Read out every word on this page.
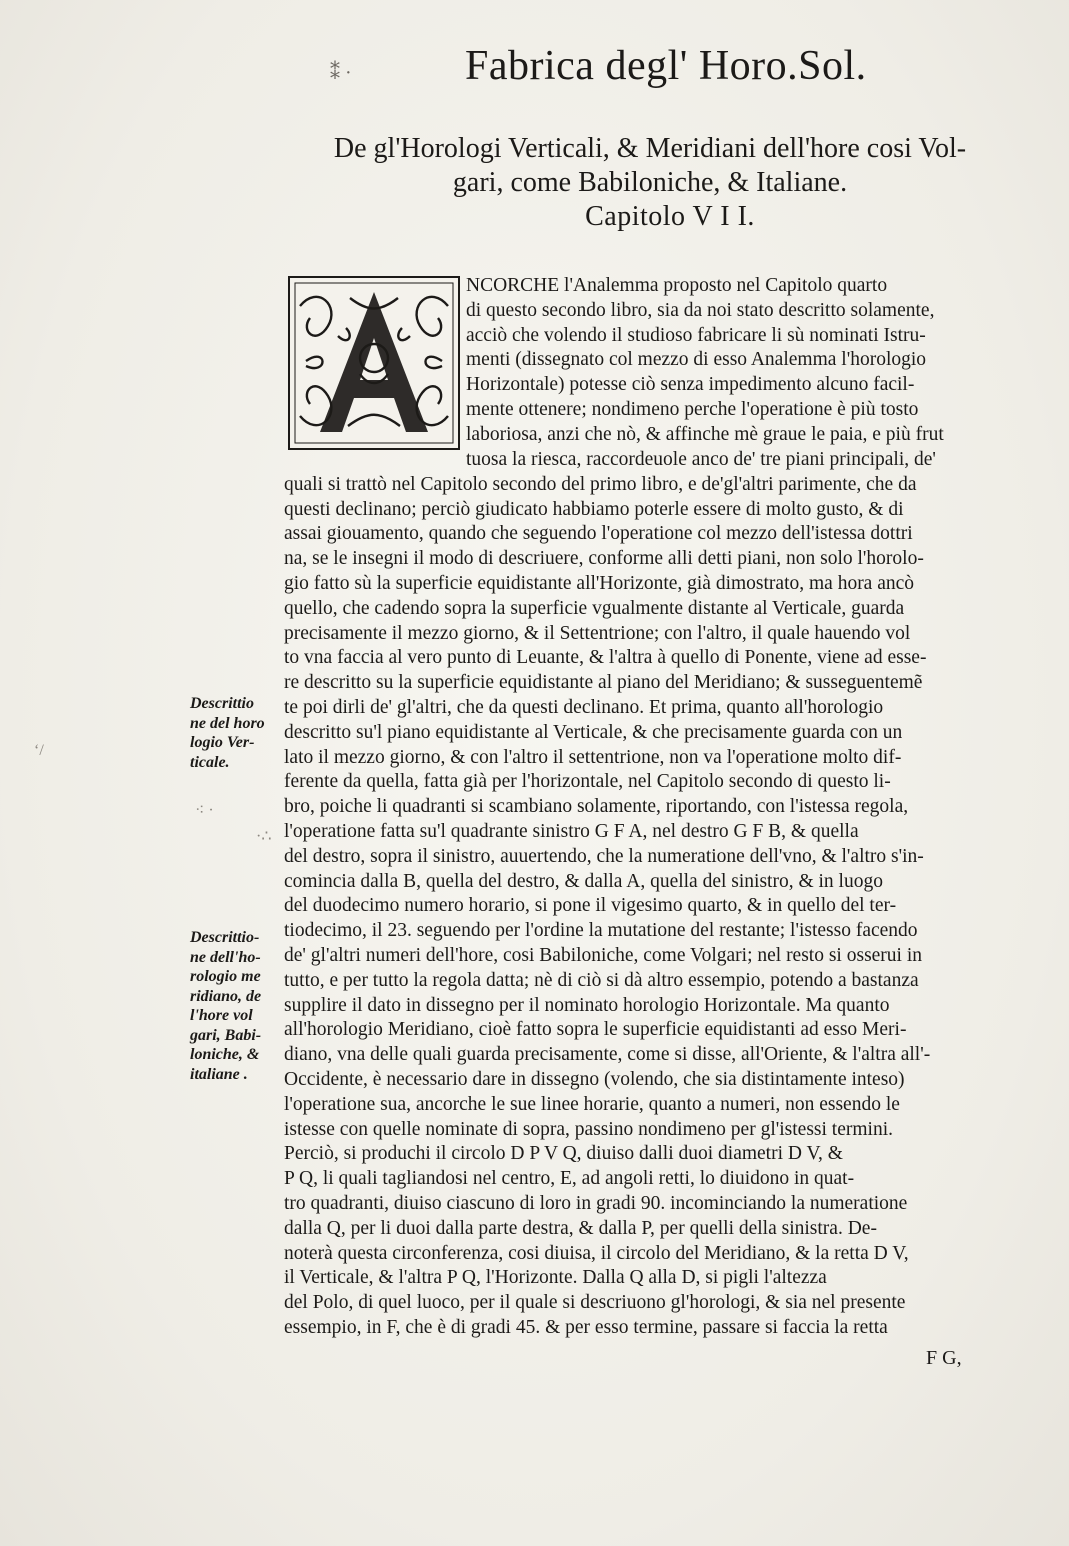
⁑ ·	Fabrica degl' Horo.Sol.
De gl'Horologi Verticali, & Meridiani dell'hore cosi Vol-
gari, come Babiloniche, & Italiane.
Capitolo V I I.
NCORCHE l'Analemma proposto nel Capitolo quarto
di questo secondo libro, sia da noi stato descritto solamente,
acciò che volendo il studioso fabricare li sù nominati Istru-
menti (dissegnato col mezzo di esso Analemma l'horologio
Horizontale) potesse ciò senza impedimento alcuno facil-
mente ottenere; nondimeno perche l'operatione è più tosto
laboriosa, anzi che nò, & affinche mè graue le paia, e più frut
tuosa la riesca, raccordeuole anco de' tre piani principali, de'
quali si trattò nel Capitolo secondo del primo libro, e de'gl'altri parimente, che da
questi declinano; perciò giudicato habbiamo poterle essere di molto gusto, & di
assai giouamento, quando che seguendo l'operatione col mezzo dell'istessa dottri
na, se le insegni il modo di descriuere, conforme alli detti piani, non solo l'horolo-
gio fatto sù la superficie equidistante all'Horizonte, già dimostrato, ma hora ancò
quello, che cadendo sopra la superficie vgualmente distante al Verticale, guarda
precisamente il mezzo giorno, & il Settentrione; con l'altro, il quale hauendo vol
to vna faccia al vero punto di Leuante, & l'altra à quello di Ponente, viene ad esse-
re descritto su la superficie equidistante al piano del Meridiano; & susseguentemẽ
te poi dirli de' gl'altri, che da questi declinano. Et prima, quanto all'horologio
descritto su'l piano equidistante al Verticale, & che precisamente guarda con un
lato il mezzo giorno, & con l'altro il settentrione, non va l'operatione molto dif-
ferente da quella, fatta già per l'horizontale, nel Capitolo secondo di questo li-
bro, poiche li quadranti si scambiano solamente, riportando, con l'istessa regola,
l'operatione fatta su'l quadrante sinistro G F A, nel destro G F B, & quella
del destro, sopra il sinistro, auuertendo, che la numeratione dell'vno, & l'altro s'in-
comincia dalla B, quella del destro, & dalla A, quella del sinistro, & in luogo
del duodecimo numero horario, si pone il vigesimo quarto, & in quello del ter-
tiodecimo, il 23. seguendo per l'ordine la mutatione del restante; l'istesso facendo
de' gl'altri numeri dell'hore, cosi Babiloniche, come Volgari; nel resto si osserui in
tutto, e per tutto la regola datta; nè di ciò si dà altro essempio, potendo a bastanza
supplire il dato in dissegno per il nominato horologio Horizontale. Ma quanto
all'horologio Meridiano, cioè fatto sopra le superficie equidistanti ad esso Meri-
diano, vna delle quali guarda precisamente, come si disse, all'Oriente, & l'altra all'-
Occidente, è necessario dare in dissegno (volendo, che sia distintamente inteso)
l'operatione sua, ancorche le sue linee horarie, quanto a numeri, non essendo le
istesse con quelle nominate di sopra, passino nondimeno per gl'istessi termini.
Perciò, si produchi il circolo D P V Q, diuiso dalli duoi diametri D V, &
P Q, li quali tagliandosi nel centro, E, ad angoli retti, lo diuidono in quat-
tro quadranti, diuiso ciascuno di loro in gradi 90. incominciando la numeratione
dalla Q, per li duoi dalla parte destra, & dalla P, per quelli della sinistra. De-
noterà questa circonferenza, cosi diuisa, il circolo del Meridiano, & la retta D V,
il Verticale, & l'altra P Q, l'Horizonte. Dalla Q alla D, si pigli l'altezza
del Polo, di quel luoco, per il quale si descriuono gl'horologi, & sia nel presente
essempio, in F, che è di gradi 45. & per esso termine, passare si faccia la retta
Descrittio
ne del horo
logio Ver-
ticale.
Descrittio-
ne dell'ho-
rologio me
ridiano, de
l'hore vol
gari, Babi-
loniche, &
italiane .
F G,
‘/
⁖ ·
·∴
